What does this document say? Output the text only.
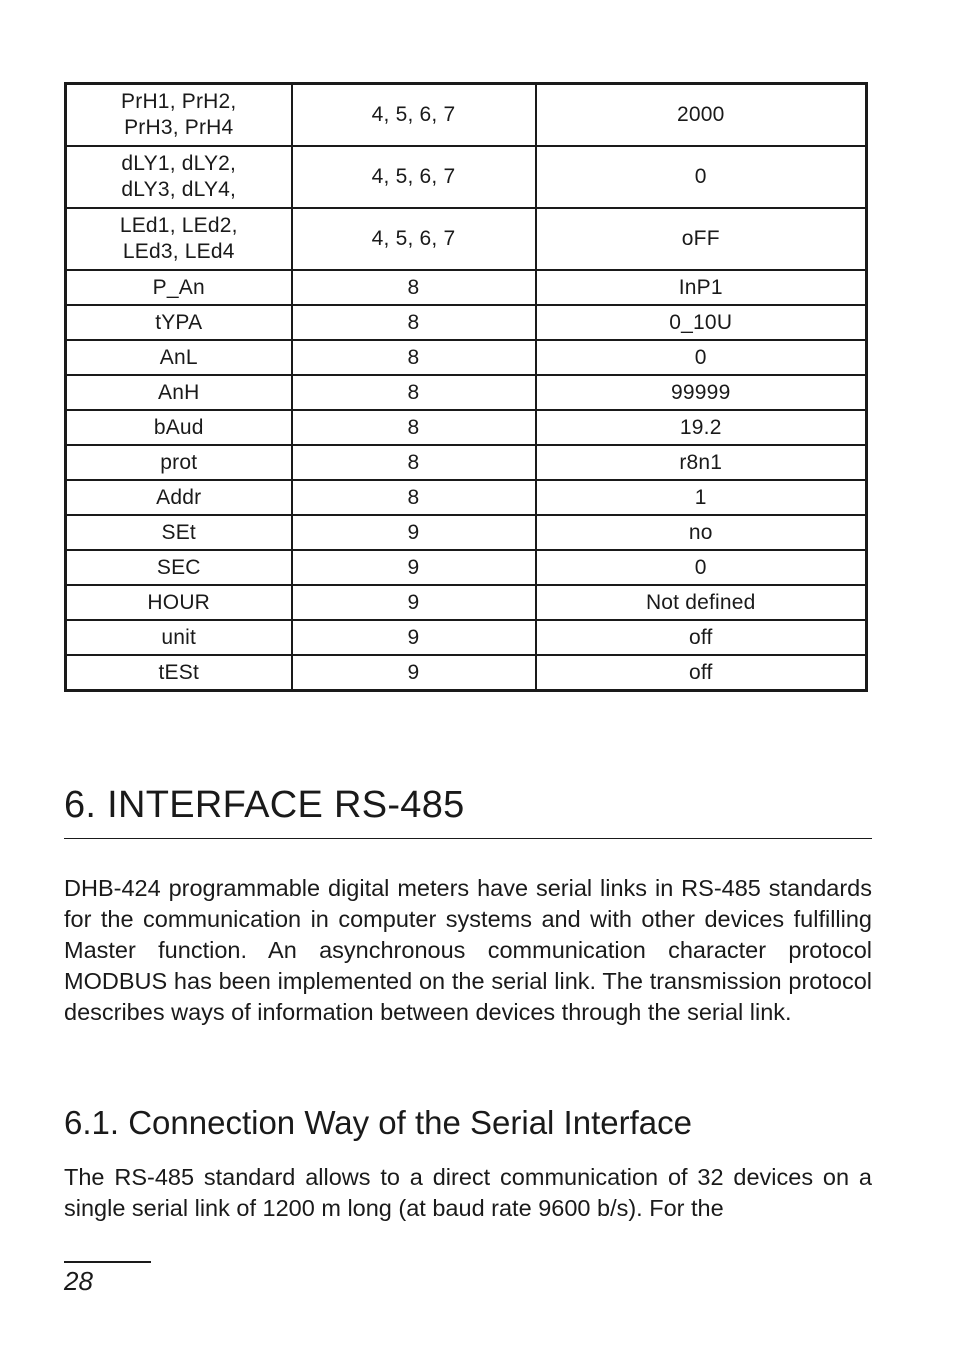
PrH1, PrH2,
PrH3, PrH4	4, 5, 6, 7	2000
dLY1, dLY2,
dLY3, dLY4,	4, 5, 6, 7	0
LEd1, LEd2,
LEd3, LEd4	4, 5, 6, 7	oFF
P_An	8	InP1
tYPA	8	0_10U
AnL	8	0
AnH	8	99999
bAud	8	19.2
prot	8	r8n1
Addr	8	1
SEt	9	no
SEC	9	0
HOUR	9	Not defined
unit	9	off
tESt	9	off
6. INTERFACE RS-485

DHB-424 programmable digital meters have serial links in RS-485 standards for the communication in computer systems and with other devices fulfilling Master function. An asynchronous communication character protocol MODBUS has been implemented on the serial link. The transmission protocol describes ways of information between devices through the serial link.

6.1. Connection Way of the Serial Interface

The RS-485 standard allows to a direct communication of 32 devices on a single serial link of 1200 m long (at baud rate 9600 b/s). For the

28
